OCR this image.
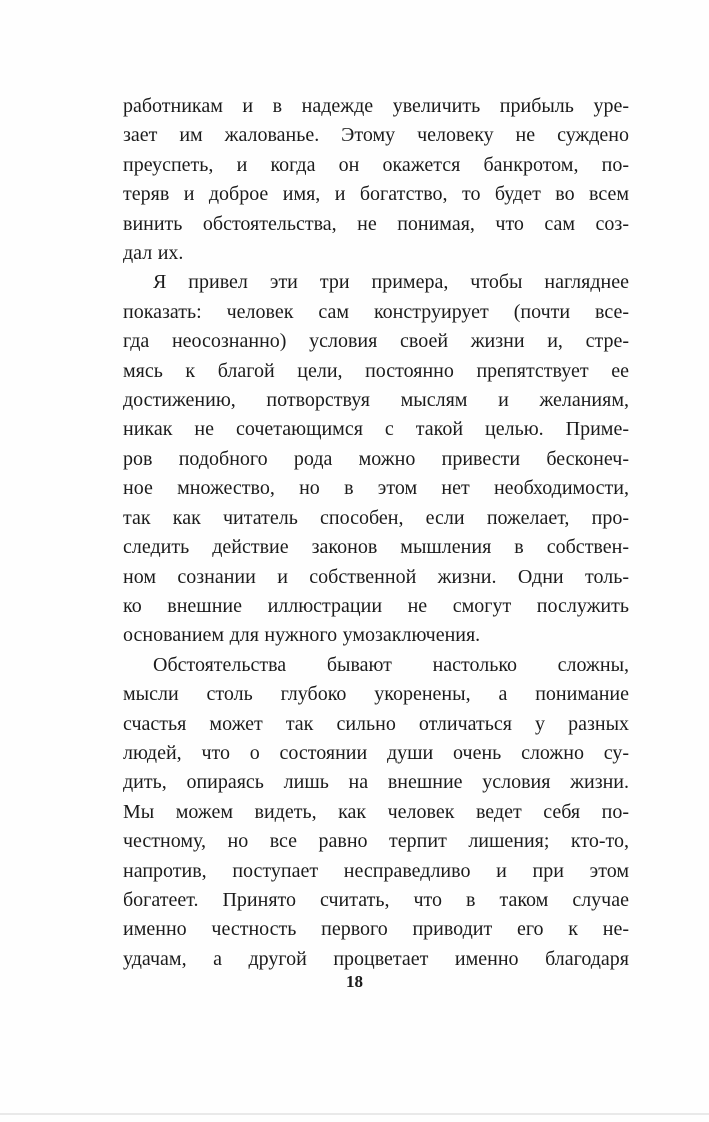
работникам и в надежде увеличить прибыль уре-
зает им жалованье. Этому человеку не суждено
преуспеть, и когда он окажется банкротом, по-
теряв и доброе имя, и богатство, то будет во всем
винить обстоятельства, не понимая, что сам соз-
дал их.
Я привел эти три примера, чтобы нагляднее
показать: человек сам конструирует (почти все-
гда неосознанно) условия своей жизни и, стре-
мясь к благой цели, постоянно препятствует ее
достижению, потворствуя мыслям и желаниям,
никак не сочетающимся с такой целью. Приме-
ров подобного рода можно привести бесконеч-
ное множество, но в этом нет необходимости,
так как читатель способен, если пожелает, про-
следить действие законов мышления в собствен-
ном сознании и собственной жизни. Одни толь-
ко внешние иллюстрации не смогут послужить
основанием для нужного умозаключения.
Обстоятельства бывают настолько сложны,
мысли столь глубоко укоренены, а понимание
счастья может так сильно отличаться у разных
людей, что о состоянии души очень сложно су-
дить, опираясь лишь на внешние условия жизни.
Мы можем видеть, как человек ведет себя по-
честному, но все равно терпит лишения; кто-то,
напротив, поступает несправедливо и при этом
богатеет. Принято считать, что в таком случае
именно честность первого приводит его к не-
удачам, а другой процветает именно благодаря
18
